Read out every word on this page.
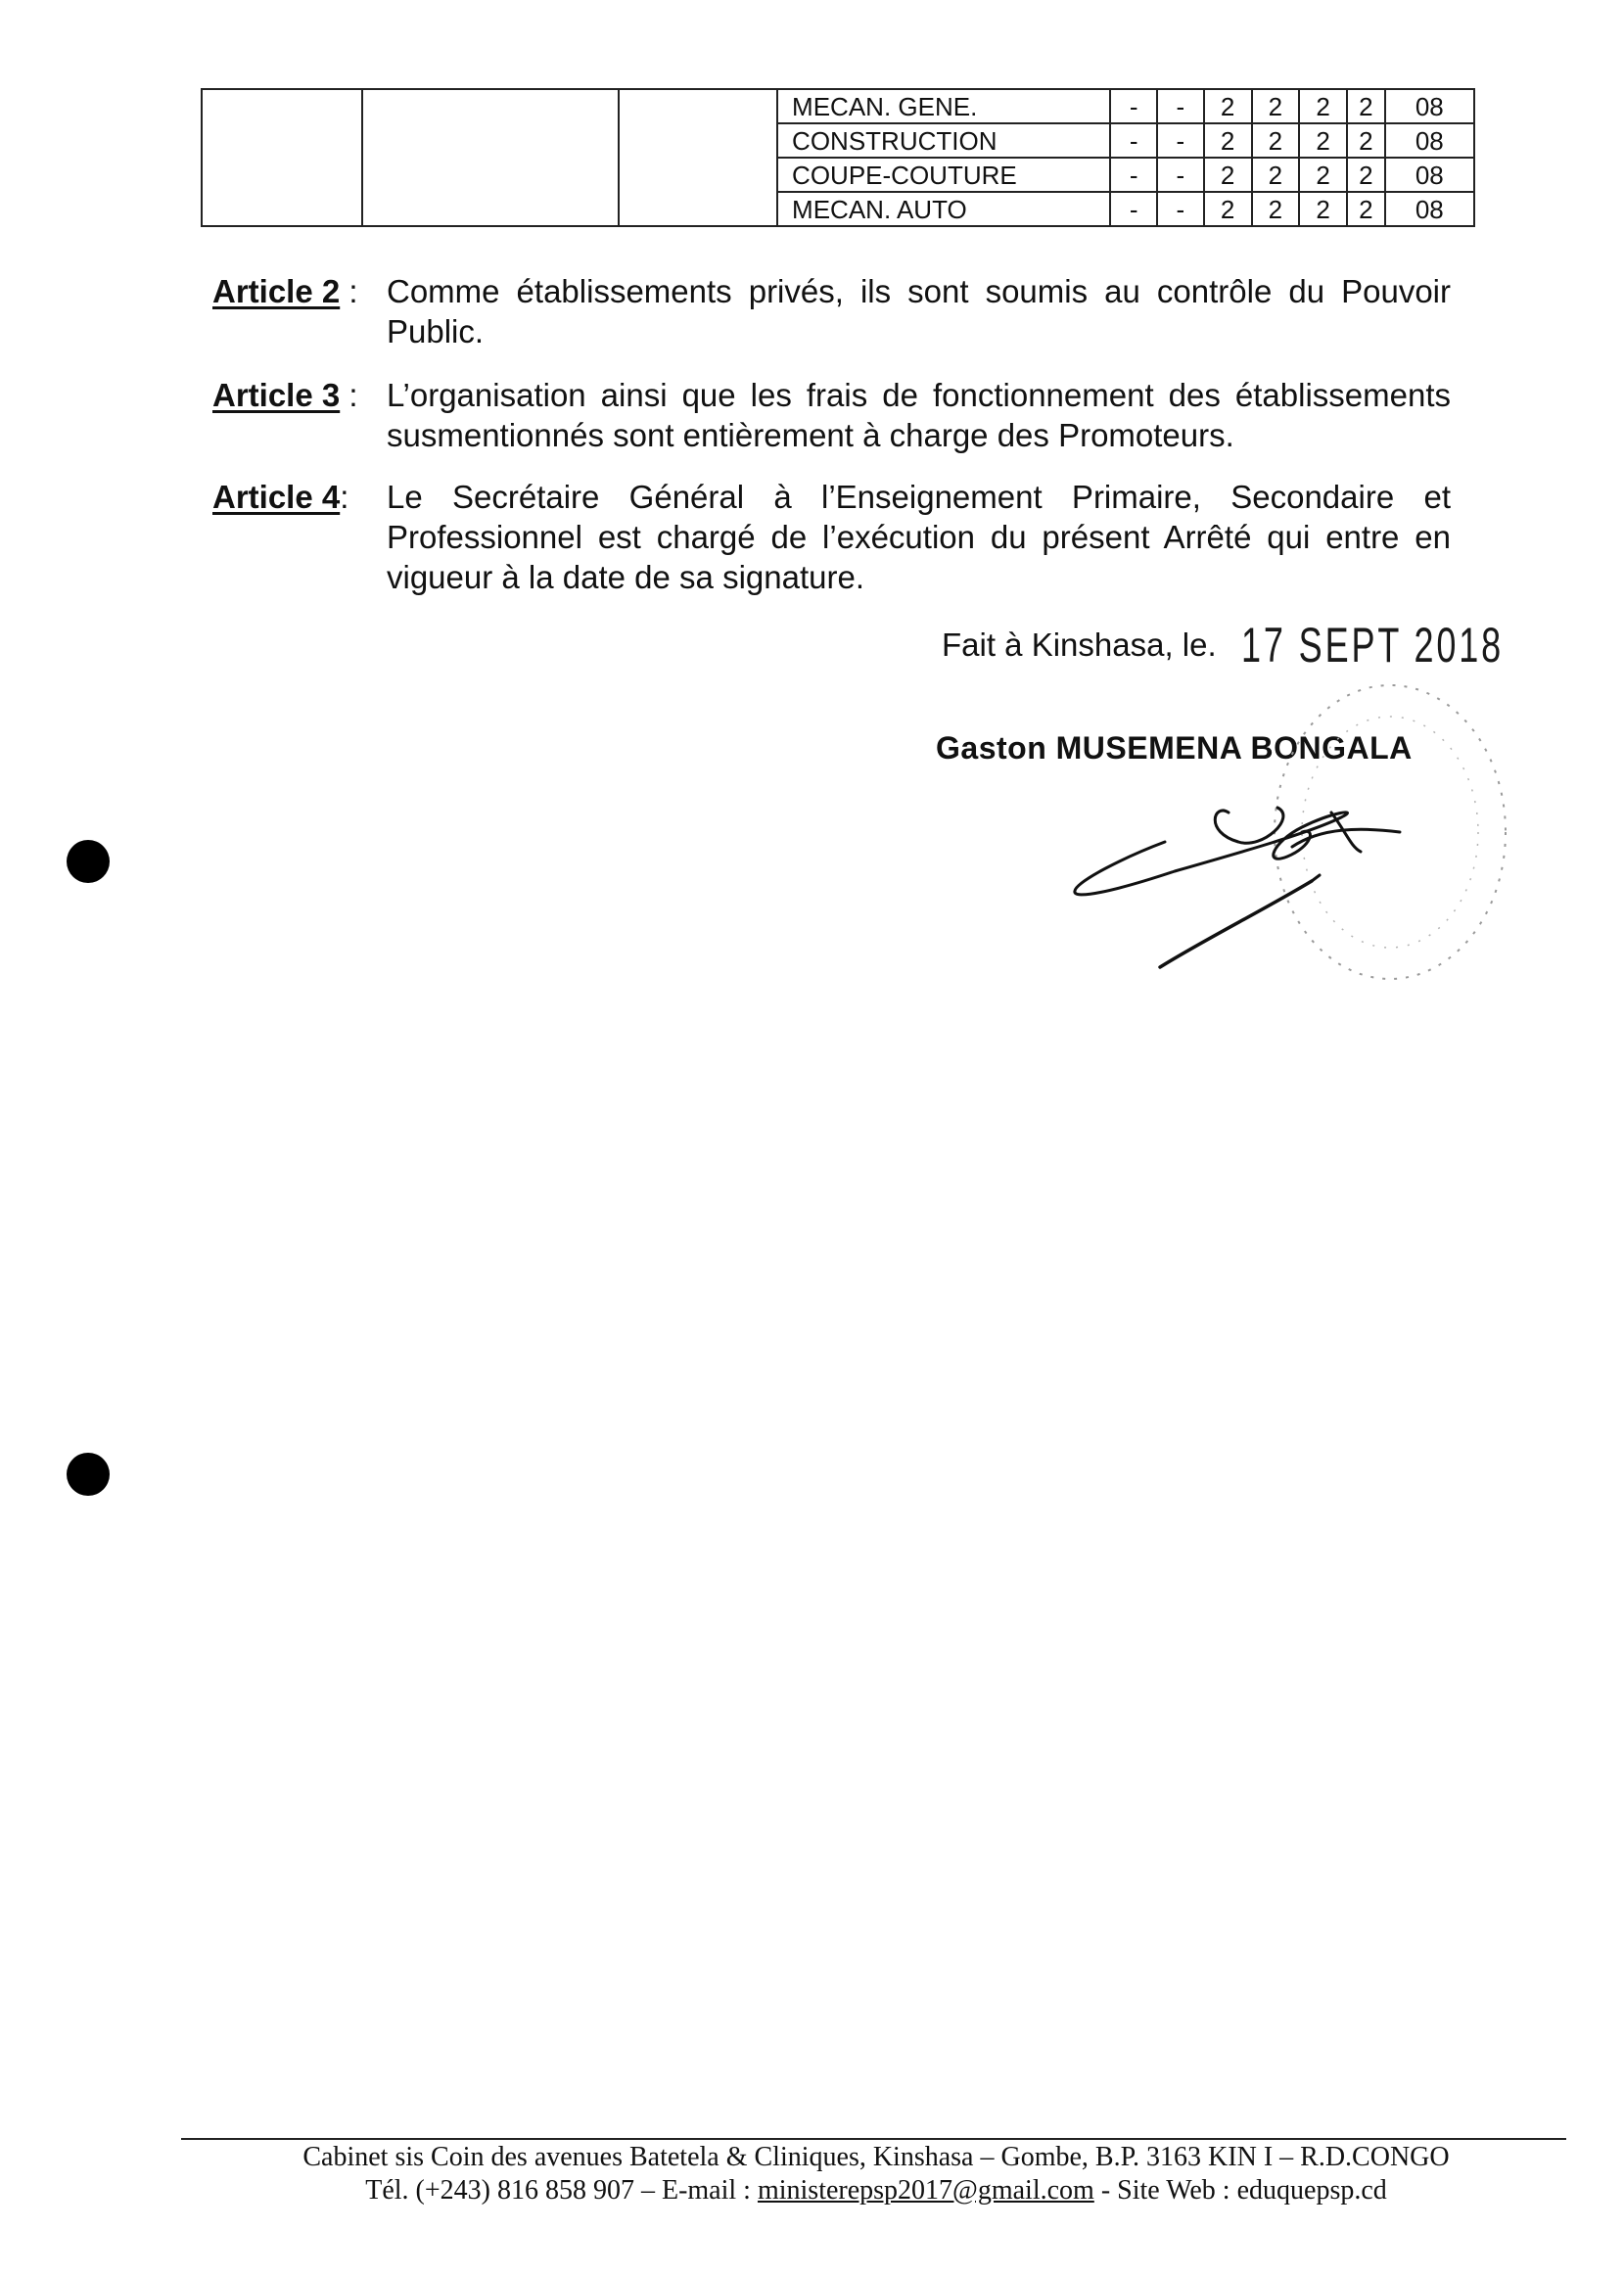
			MECAN. GENE.	-	-	2	2	2	2	08
			CONSTRUCTION	-	-	2	2	2	2	08
			COUPE-COUTURE	-	-	2	2	2	2	08
			MECAN. AUTO	-	-	2	2	2	2	08
Article 2 : Comme établissements privés, ils sont soumis au contrôle du Pouvoir Public.
Article 3 : L’organisation ainsi que les frais de fonctionnement des établissements susmentionnés sont entièrement à charge des Promoteurs.
Article 4: Le Secrétaire Général à l’Enseignement Primaire, Secondaire et Professionnel est chargé de l’exécution du présent Arrêté qui entre en vigueur à la date de sa signature.
Fait à Kinshasa, le. 17 SEPT 2018
Gaston MUSEMENA BONGALA
Cabinet sis Coin des avenues Batetela & Cliniques, Kinshasa – Gombe, B.P. 3163 KIN I – R.D.CONGO
Tél. (+243) 816 858 907 – E-mail : ministerepsp2017@gmail.com - Site Web : eduquepsp.cd
